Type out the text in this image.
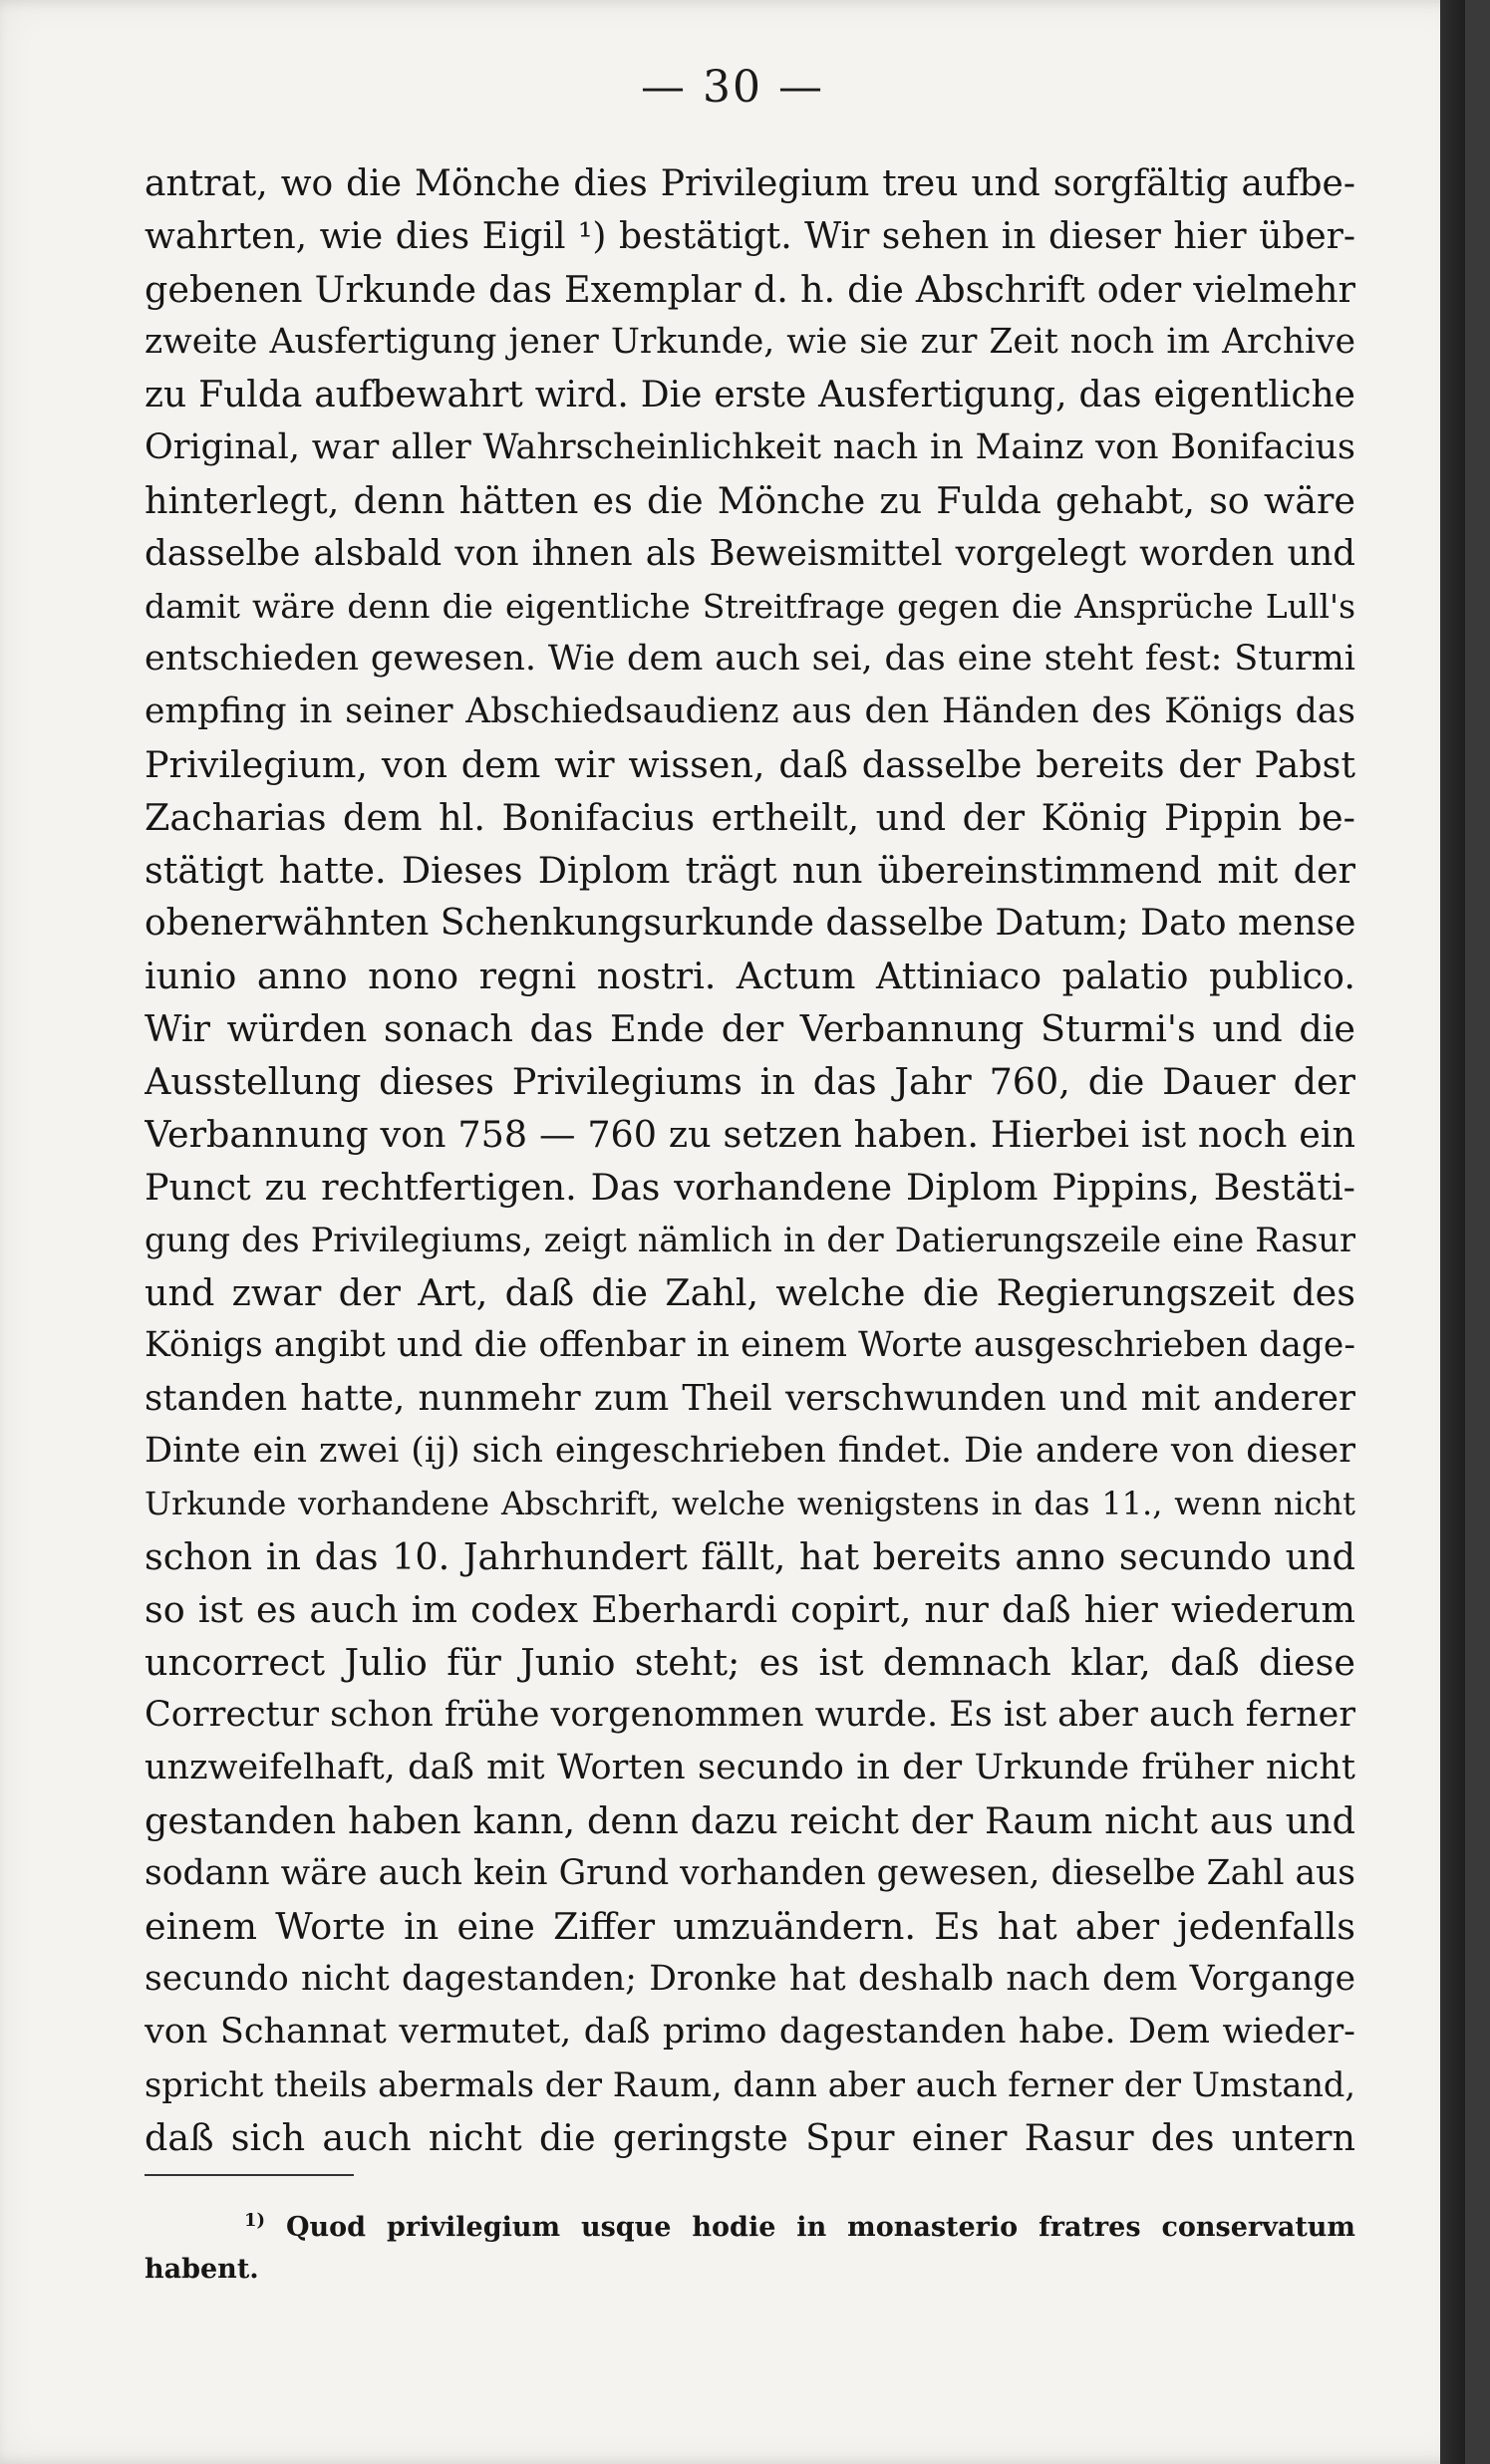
— 30 —
antrat, wo die Mönche dies Privilegium treu und sorgfältig aufbe-
wahrten, wie dies Eigil ¹) bestätigt. Wir sehen in dieser hier über-
gebenen Urkunde das Exemplar d. h. die Abschrift oder vielmehr
zweite Ausfertigung jener Urkunde, wie sie zur Zeit noch im Archive
zu Fulda aufbewahrt wird. Die erste Ausfertigung, das eigentliche
Original, war aller Wahrscheinlichkeit nach in Mainz von Bonifacius
hinterlegt, denn hätten es die Mönche zu Fulda gehabt, so wäre
dasselbe alsbald von ihnen als Beweismittel vorgelegt worden und
damit wäre denn die eigentliche Streitfrage gegen die Ansprüche Lull's
entschieden gewesen. Wie dem auch sei, das eine steht fest: Sturmi
empfing in seiner Abschiedsaudienz aus den Händen des Königs das
Privilegium, von dem wir wissen, daß dasselbe bereits der Pabst
Zacharias dem hl. Bonifacius ertheilt, und der König Pippin be-
stätigt hatte. Dieses Diplom trägt nun übereinstimmend mit der
obenerwähnten Schenkungsurkunde dasselbe Datum; Dato mense
iunio anno nono regni nostri. Actum Attiniaco palatio publico.
Wir würden sonach das Ende der Verbannung Sturmi's und die
Ausstellung dieses Privilegiums in das Jahr 760, die Dauer der
Verbannung von 758 — 760 zu setzen haben. Hierbei ist noch ein
Punct zu rechtfertigen. Das vorhandene Diplom Pippins, Bestäti-
gung des Privilegiums, zeigt nämlich in der Datierungszeile eine Rasur
und zwar der Art, daß die Zahl, welche die Regierungszeit des
Königs angibt und die offenbar in einem Worte ausgeschrieben dage-
standen hatte, nunmehr zum Theil verschwunden und mit anderer
Dinte ein zwei (ij) sich eingeschrieben findet. Die andere von dieser
Urkunde vorhandene Abschrift, welche wenigstens in das 11., wenn nicht
schon in das 10. Jahrhundert fällt, hat bereits anno secundo und
so ist es auch im codex Eberhardi copirt, nur daß hier wiederum
uncorrect Julio für Junio steht; es ist demnach klar, daß diese
Correctur schon frühe vorgenommen wurde. Es ist aber auch ferner
unzweifelhaft, daß mit Worten secundo in der Urkunde früher nicht
gestanden haben kann, denn dazu reicht der Raum nicht aus und
sodann wäre auch kein Grund vorhanden gewesen, dieselbe Zahl aus
einem Worte in eine Ziffer umzuändern. Es hat aber jedenfalls
secundo nicht dagestanden; Dronke hat deshalb nach dem Vorgange
von Schannat vermutet, daß primo dagestanden habe. Dem wieder-
spricht theils abermals der Raum, dann aber auch ferner der Umstand,
daß sich auch nicht die geringste Spur einer Rasur des untern
$^{1)}$ Quod privilegium usque hodie in monasterio fratres conservatum
habent.
